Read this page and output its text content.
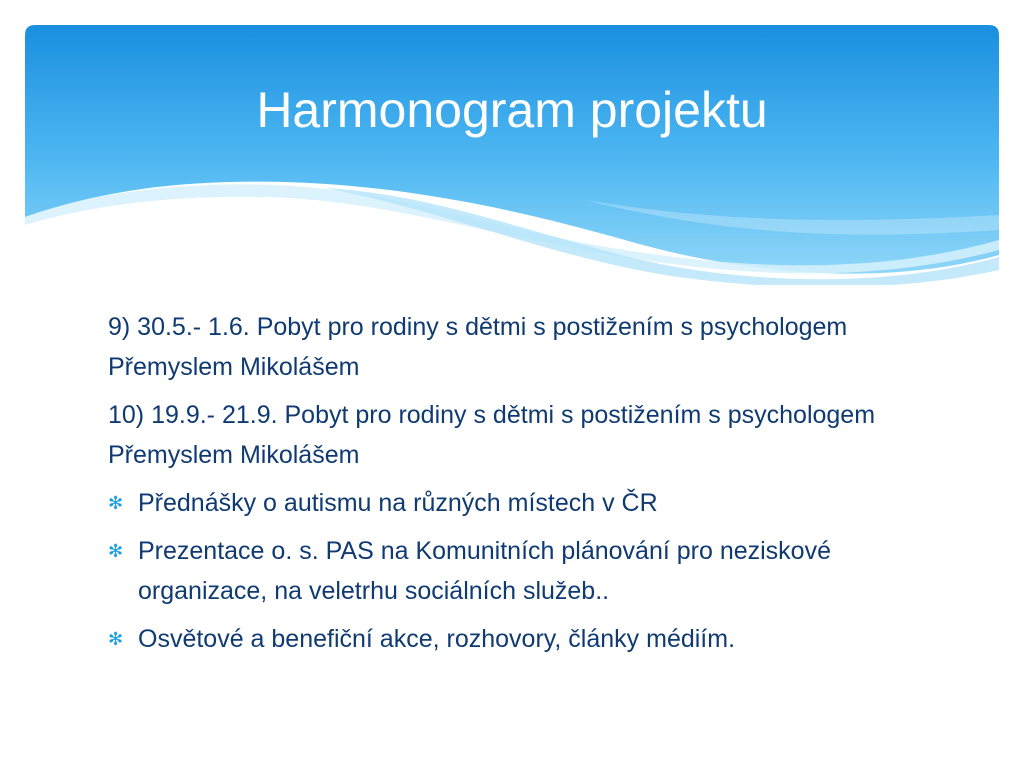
Harmonogram projektu

9) 30.5.- 1.6. Pobyt pro rodiny s dětmi s postižením s psychologem Přemyslem Mikolášem

10) 19.9.- 21.9. Pobyt pro rodiny s dětmi s postižením s psychologem Přemyslem Mikolášem

✻ Přednášky o autismu na různých místech v ČR
✻ Prezentace o. s. PAS na Komunitních plánování pro neziskové organizace, na veletrhu sociálních služeb..
✻ Osvětové a benefiční akce, rozhovory, články médiím.
